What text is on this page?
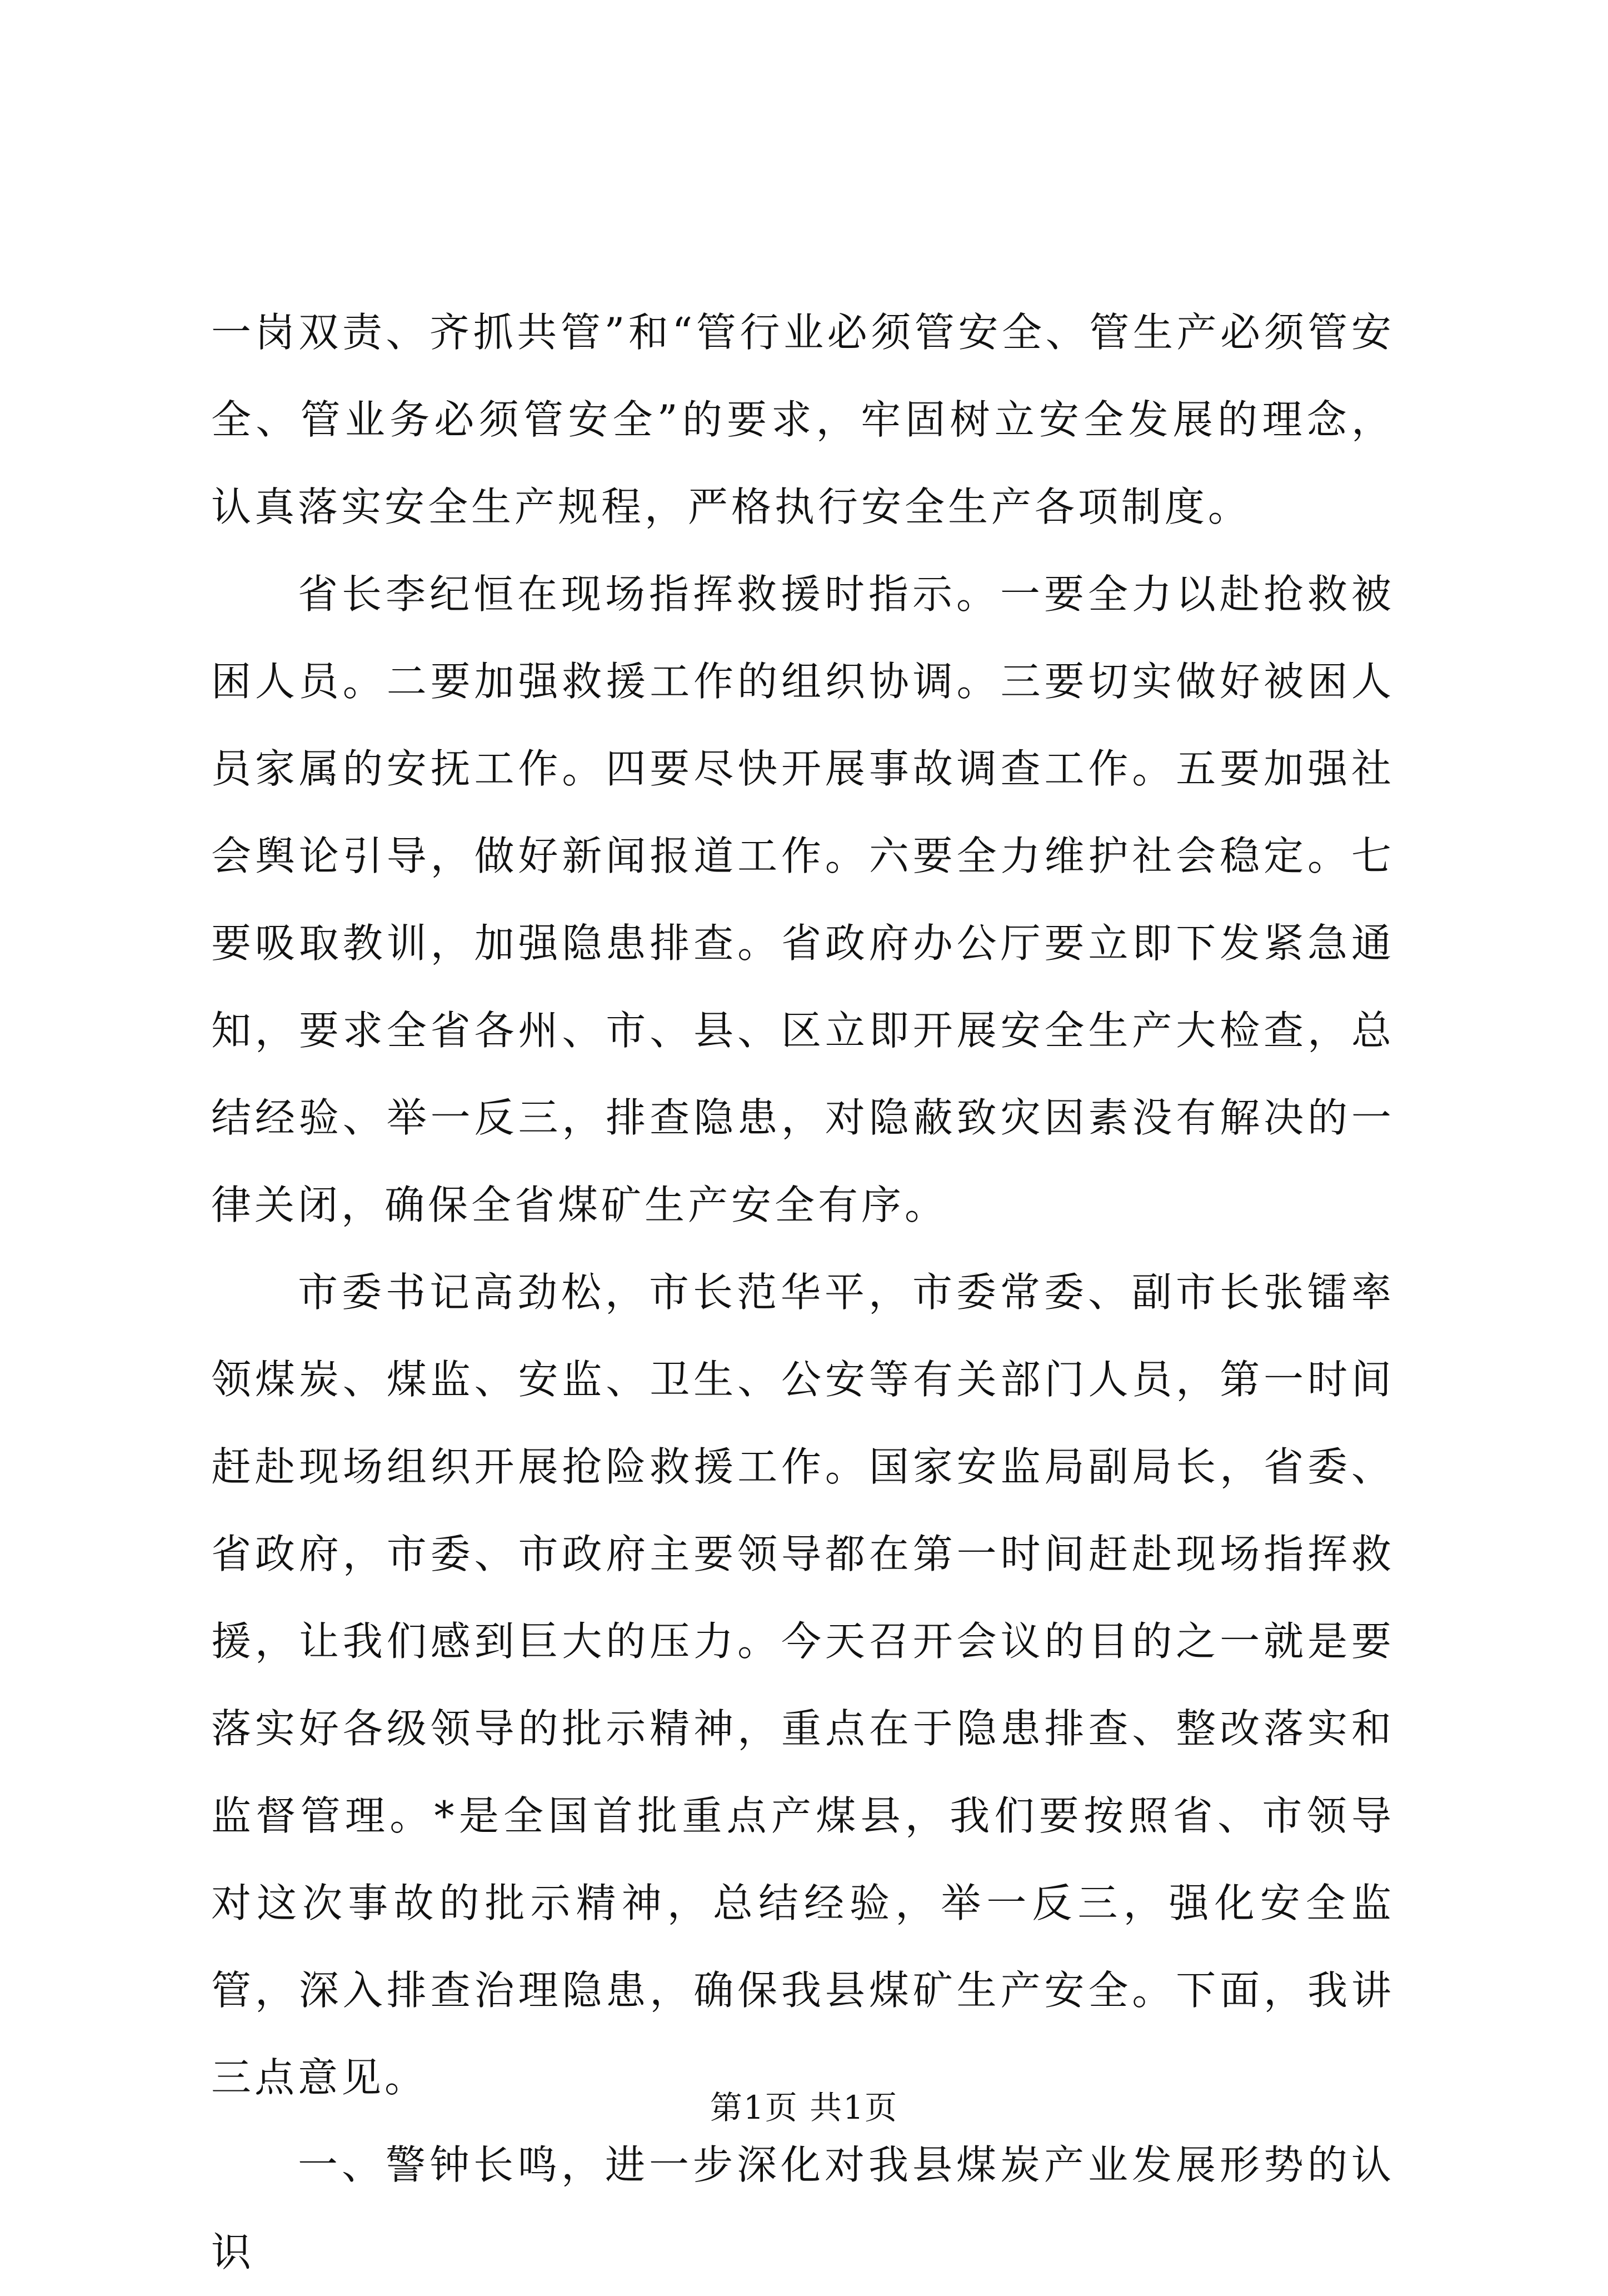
一岗双责、齐抓共管”和“管行业必须管安全、管生产必须管安全、管业务必须管安全”的要求，牢固树立安全发展的理念，认真落实安全生产规程，严格执行安全生产各项制度。

省长李纪恒在现场指挥救援时指示。一要全力以赴抢救被困人员。二要加强救援工作的组织协调。三要切实做好被困人员家属的安抚工作。四要尽快开展事故调查工作。五要加强社会舆论引导，做好新闻报道工作。六要全力维护社会稳定。七要吸取教训，加强隐患排查。省政府办公厅要立即下发紧急通知，要求全省各州、市、县、区立即开展安全生产大检查，总结经验、举一反三，排查隐患，对隐蔽致灾因素没有解决的一律关闭，确保全省煤矿生产安全有序。

市委书记高劲松，市长范华平，市委常委、副市长张镭率领煤炭、煤监、安监、卫生、公安等有关部门人员，第一时间赶赴现场组织开展抢险救援工作。国家安监局副局长，省委、省政府，市委、市政府主要领导都在第一时间赶赴现场指挥救援，让我们感到巨大的压力。今天召开会议的目的之一就是要落实好各级领导的批示精神，重点在于隐患排查、整改落实和监督管理。*是全国首批重点产煤县，我们要按照省、市领导对这次事故的批示精神，总结经验，举一反三，强化安全监管，深入排查治理隐患，确保我县煤矿生产安全。下面，我讲三点意见。

一、警钟长鸣，进一步深化对我县煤炭产业发展形势的认识

第1页 共1页
